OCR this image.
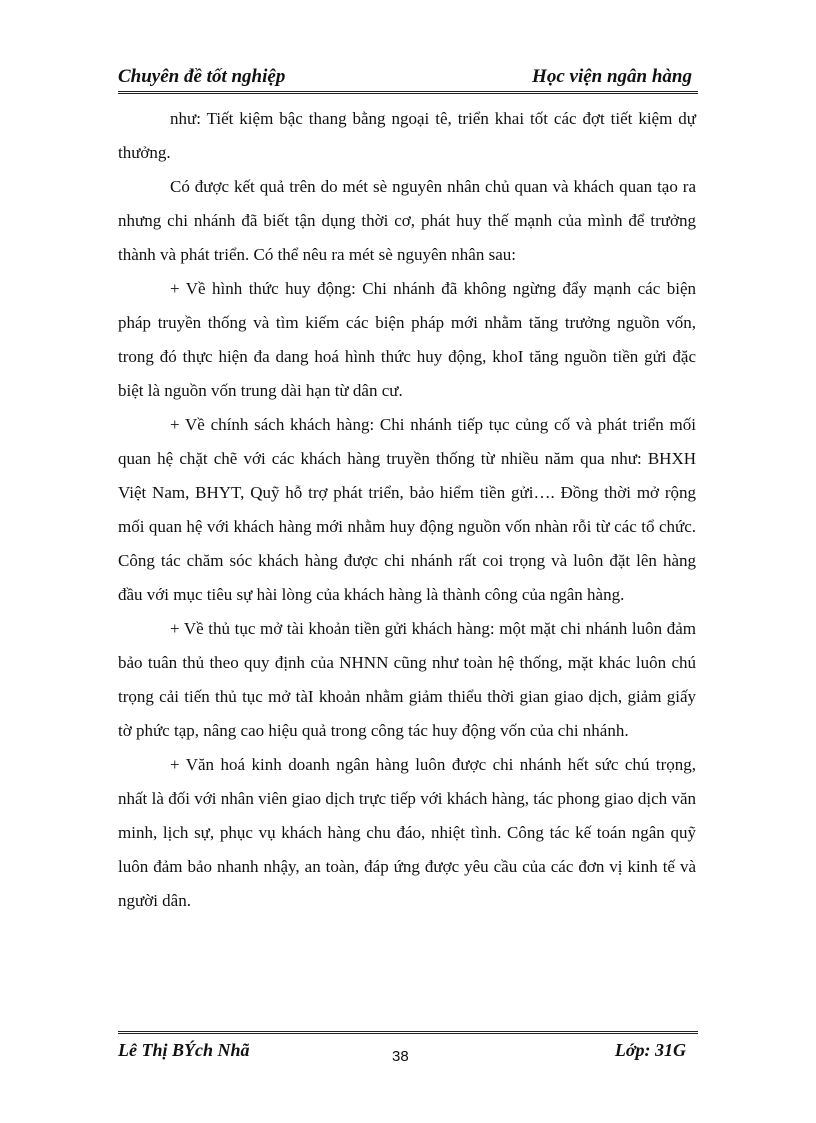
Chuyên đề tốt nghiệp	Học viện ngân hàng

như: Tiết kiệm bậc thang bằng ngoại tê, triển khai tốt các đợt tiết kiệm dự thưởng.

Có được kết quả trên do mét sè nguyên nhân chủ quan và khách quan tạo ra nhưng chi nhánh đã biết tận dụng thời cơ, phát huy thế mạnh của mình để trưởng thành và phát triển. Có thể nêu ra mét sè nguyên nhân sau:

+ Về hình thức huy động: Chi nhánh đã không ngừng đẩy mạnh các biện pháp truyền thống và tìm kiếm các biện pháp mới nhằm tăng trưởng nguồn vốn, trong đó thực hiện đa dang hoá hình thức huy động, khoI tăng nguồn tiền gửi đặc biệt là nguồn vốn trung dài hạn từ dân cư.

+ Về chính sách khách hàng: Chi nhánh tiếp tục củng cố và phát triển mối quan hệ chặt chẽ với các khách hàng truyền thống từ nhiều năm qua như: BHXH Việt Nam, BHYT, Quỹ hỗ trợ phát triển, bảo hiểm tiền gửi…. Đồng thời mở rộng mối quan hệ với khách hàng mới nhằm huy động nguồn vốn nhàn rỗi từ các tổ chức. Công tác chăm sóc khách hàng được chi nhánh rất coi trọng và luôn đặt lên hàng đầu với mục tiêu sự hài lòng của khách hàng là thành công của ngân hàng.

+ Về thủ tục mở tài khoản tiền gửi khách hàng: một mặt chi nhánh luôn đảm bảo tuân thủ theo quy định của NHNN cũng như toàn hệ thống, mặt khác luôn chú trọng cải tiến thủ tục mở tàI khoản nhằm giảm thiểu thời gian giao dịch, giảm giấy tờ phức tạp, nâng cao hiệu quả trong công tác huy động vốn của chi nhánh.

+ Văn hoá kinh doanh ngân hàng luôn được chi nhánh hết sức chú trọng, nhất là đối với nhân viên giao dịch trực tiếp với khách hàng, tác phong giao dịch văn minh, lịch sự, phục vụ khách hàng chu đáo, nhiệt tình. Công tác kế toán ngân quỹ luôn đảm bảo nhanh nhậy, an toàn, đáp ứng được yêu cầu của các đơn vị kinh tế và người dân.

Lê Thị BÝch Nhã	38	Lớp: 31G
